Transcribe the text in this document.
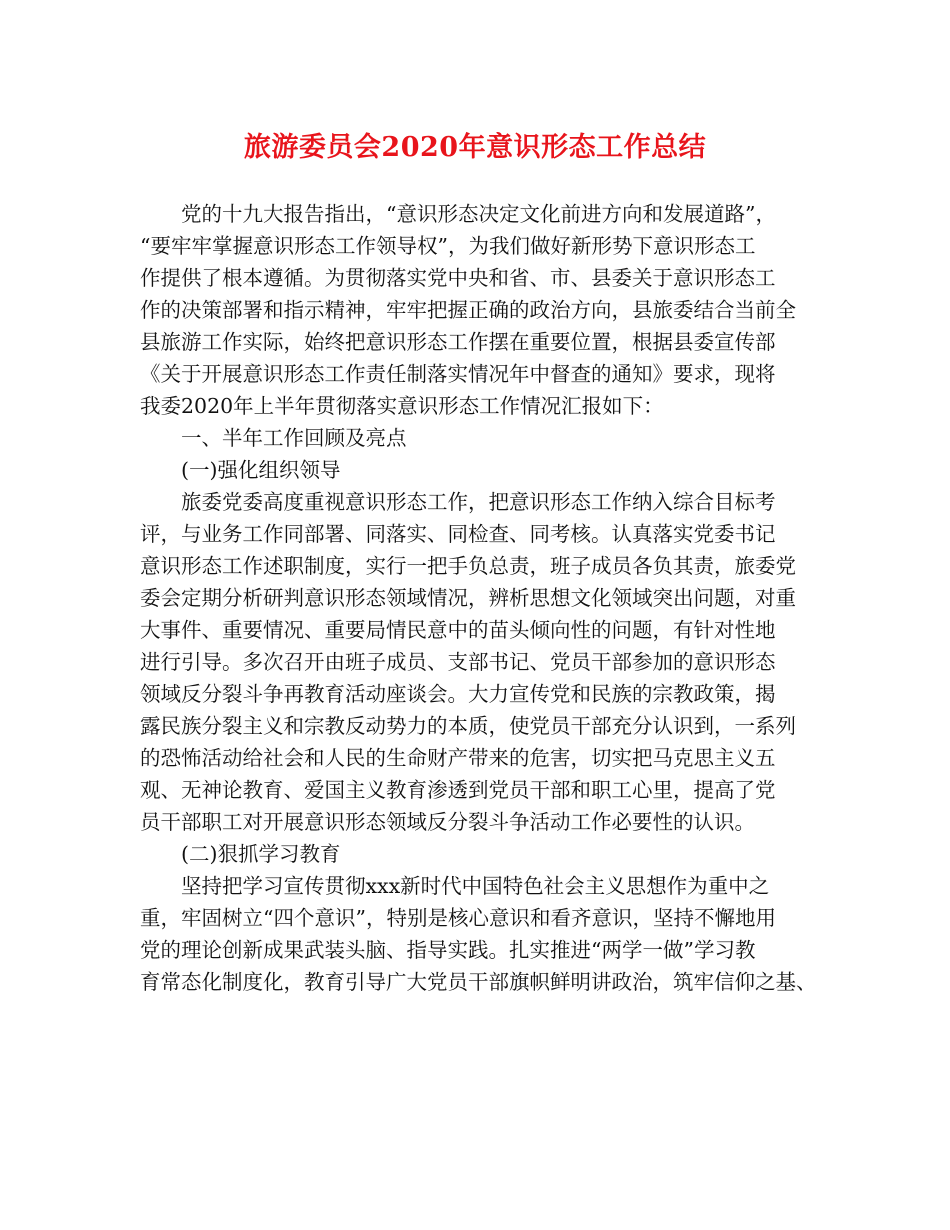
旅游委员会2020年意识形态工作总结

党的十九大报告指出，“意识形态决定文化前进方向和发展道路”，
“要牢牢掌握意识形态工作领导权”，为我们做好新形势下意识形态工
作提供了根本遵循。为贯彻落实党中央和省、市、县委关于意识形态工
作的决策部署和指示精神，牢牢把握正确的政治方向，县旅委结合当前全
县旅游工作实际，始终把意识形态工作摆在重要位置，根据县委宣传部
《关于开展意识形态工作责任制落实情况年中督查的通知》要求，现将
我委2020年上半年贯彻落实意识形态工作情况汇报如下：

一、半年工作回顾及亮点

(一)强化组织领导

旅委党委高度重视意识形态工作，把意识形态工作纳入综合目标考
评，与业务工作同部署、同落实、同检查、同考核。认真落实党委书记
意识形态工作述职制度，实行一把手负总责，班子成员各负其责，旅委党
委会定期分析研判意识形态领域情况，辨析思想文化领域突出问题，对重
大事件、重要情况、重要局情民意中的苗头倾向性的问题，有针对性地
进行引导。多次召开由班子成员、支部书记、党员干部参加的意识形态
领域反分裂斗争再教育活动座谈会。大力宣传党和民族的宗教政策，揭
露民族分裂主义和宗教反动势力的本质，使党员干部充分认识到，一系列
的恐怖活动给社会和人民的生命财产带来的危害，切实把马克思主义五
观、无神论教育、爱国主义教育渗透到党员干部和职工心里，提高了党
员干部职工对开展意识形态领域反分裂斗争活动工作必要性的认识。

(二)狠抓学习教育

坚持把学习宣传贯彻xxx新时代中国特色社会主义思想作为重中之
重，牢固树立“四个意识”，特别是核心意识和看齐意识，坚持不懈地用
党的理论创新成果武装头脑、指导实践。扎实推进“两学一做”学习教
育常态化制度化，教育引导广大党员干部旗帜鲜明讲政治，筑牢信仰之基、
